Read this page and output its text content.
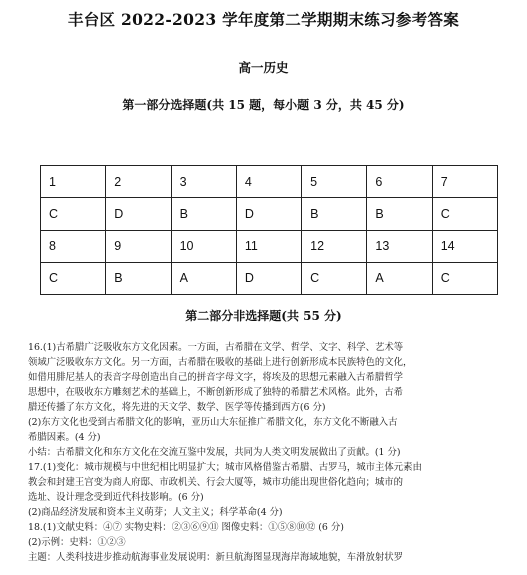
丰台区 2022-2023 学年度第二学期期末练习参考答案
高一历史
第一部分选择题(共 15 题，每小题 3 分，共 45 分)
1	2	3	4	5	6	7
C	D	B	D	B	B	C
8	9	10	11	12	13	14
C	B	A	D	C	A	C
第二部分非选择题(共 55 分)

16.(1)古希腊广泛吸收东方文化因素。一方面，古希腊在文学、哲学、文字、科学、艺术等

领域广泛吸收东方文化。另一方面，古希腊在吸收的基础上进行创新形成本民族特色的文化，

如借用腓尼基人的表音字母创造出自己的拼音字母文字，将埃及的思想元素融入古希腊哲学

思想中，在吸收东方雕刻艺术的基础上，不断创新形成了独特的希腊艺术风格。此外，古希

腊还传播了东方文化，将先进的天文学、数学、医学等传播到西方(6 分)

(2)东方文化也受到古希腊文化的影响，亚历山大东征推广希腊文化，东方文化不断融入古

希腊因素。(4 分)

小结：古希腊文化和东方文化在交流互鉴中发展，共同为人类文明发展做出了贡献。(1 分)

17.(1)变化：城市规模与中世纪相比明显扩大；城市风格借鉴古希腊、古罗马，城市主体元素由

教会和封建王宫变为商人府邸、市政机关、行会大厦等，城市功能出现世俗化趋向；城市的

选址、设计理念受到近代科技影响。(6 分)

(2)商品经济发展和资本主义萌芽；人文主义；科学革命(4 分)

18.(1)文献史料：④⑦ 实物史料：②③⑥⑨⑪ 图像史料：①⑤⑧⑩⑫ (6 分)

(2)示例：史料：①②③

主题：人类科技进步推动航海事业发展说明：新旦航海图显现海岸海域地貌，车滑放射状罗
